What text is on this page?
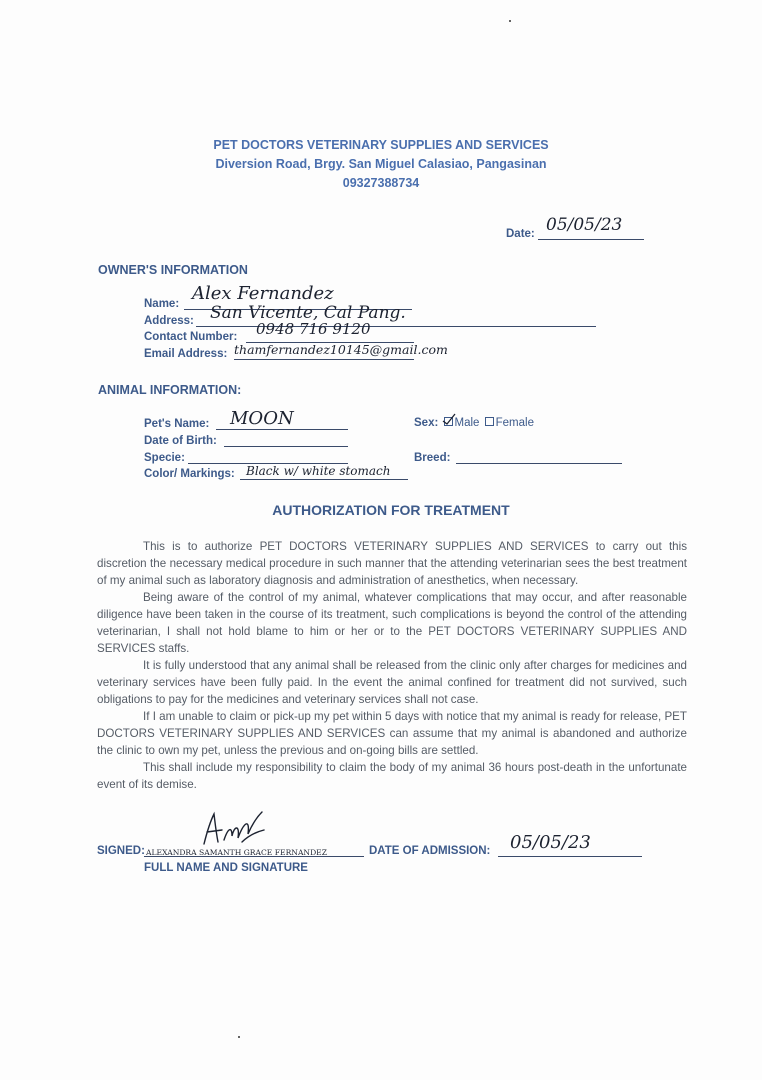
PET DOCTORS VETERINARY SUPPLIES AND SERVICES
Diversion Road, Brgy. San Miguel Calasiao, Pangasinan
09327388734
Date: 05/05/23
OWNER'S INFORMATION
Name: Alex Fernandez
Address: San Vicente, Cal Pang.
Contact Number: 0948 716 9120
Email Address: thamfernandez10145@gmail.com
ANIMAL INFORMATION:
Pet's Name: MOON
Date of Birth:
Specie:
Color/ Markings: Black w/ white stomach
Sex: Male Female
Breed:
AUTHORIZATION FOR TREATMENT

This is to authorize PET DOCTORS VETERINARY SUPPLIES AND SERVICES to carry out this discretion the necessary medical procedure in such manner that the attending veterinarian sees the best treatment of my animal such as laboratory diagnosis and administration of anesthetics, when necessary.

Being aware of the control of my animal, whatever complications that may occur, and after reasonable diligence have been taken in the course of its treatment, such complications is beyond the control of the attending veterinarian, I shall not hold blame to him or her or to the PET DOCTORS VETERINARY SUPPLIES AND SERVICES staffs.

It is fully understood that any animal shall be released from the clinic only after charges for medicines and veterinary services have been fully paid. In the event the animal confined for treatment did not survived, such obligations to pay for the medicines and veterinary services shall not case.

If I am unable to claim or pick-up my pet within 5 days with notice that my animal is ready for release, PET DOCTORS VETERINARY SUPPLIES AND SERVICES can assume that my animal is abandoned and authorize the clinic to own my pet, unless the previous and on-going bills are settled.

This shall include my responsibility to claim the body of my animal 36 hours post-death in the unfortunate event of its demise.

SIGNED: ALEXANDRA SAMANTH GRACE FERNANDEZ
FULL NAME AND SIGNATURE
DATE OF ADMISSION: 05/05/23
